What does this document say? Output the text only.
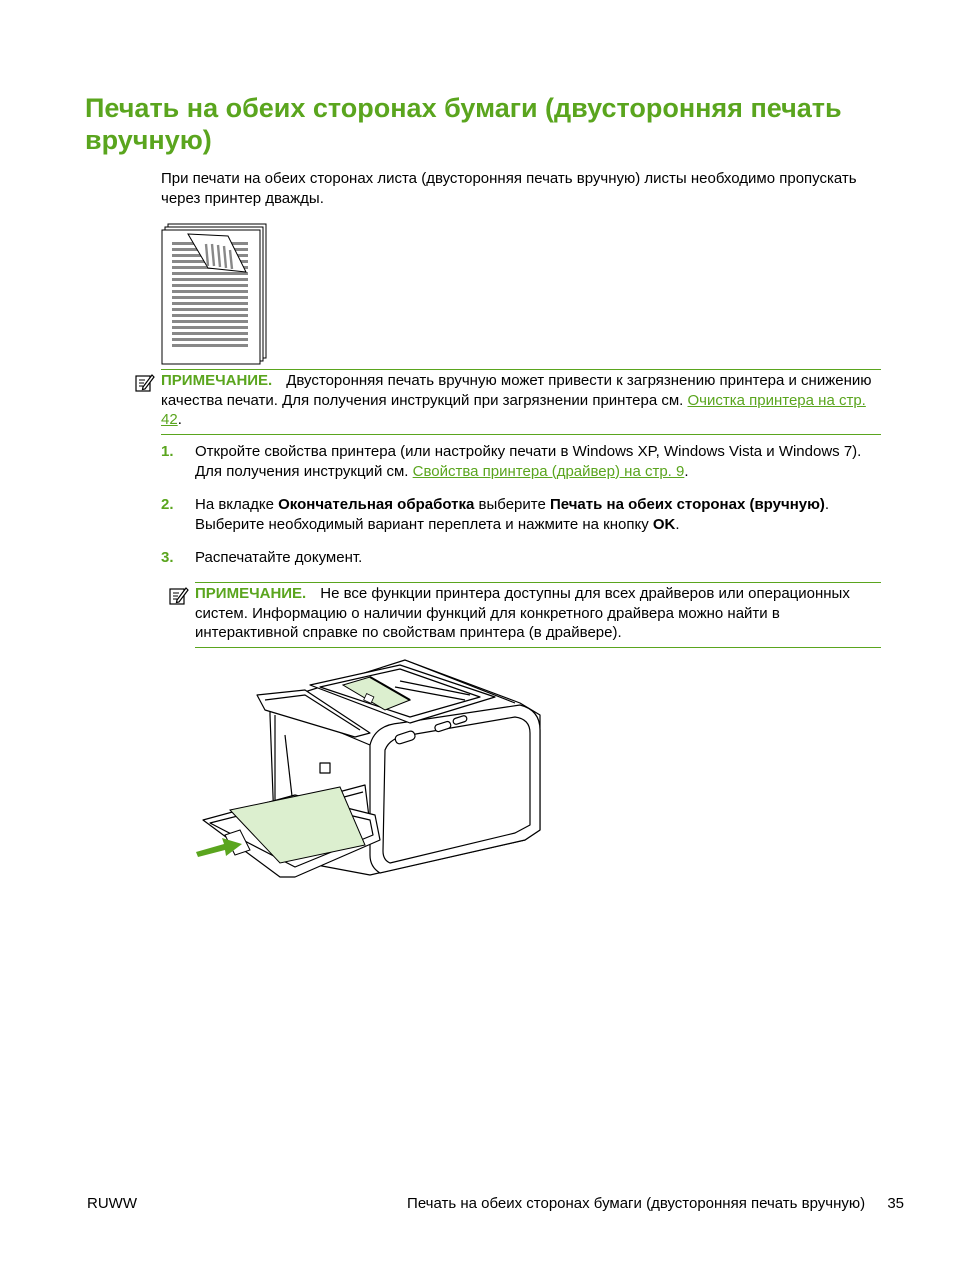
Печать на обеих сторонах бумаги (двусторонняя печать вручную)

При печати на обеих сторонах листа (двусторонняя печать вручную) листы необходимо пропускать через принтер дважды.

ПРИМЕЧАНИЕ. Двусторонняя печать вручную может привести к загрязнению принтера и снижению качества печати. Для получения инструкций при загрязнении принтера см. Очистка принтера на стр. 42.
1. Откройте свойства принтера (или настройку печати в Windows XP, Windows Vista и Windows 7). Для получения инструкций см. Свойства принтера (драйвер) на стр. 9.
2. На вкладке Окончательная обработка выберите Печать на обеих сторонах (вручную). Выберите необходимый вариант переплета и нажмите на кнопку OK.
3. Распечатайте документ.
ПРИМЕЧАНИЕ. Не все функции принтера доступны для всех драйверов или операционных систем. Информацию о наличии функций для конкретного драйвера можно найти в интерактивной справке по свойствам принтера (в драйвере).
RUWW	Печать на обеих сторонах бумаги (двусторонняя печать вручную) 35
